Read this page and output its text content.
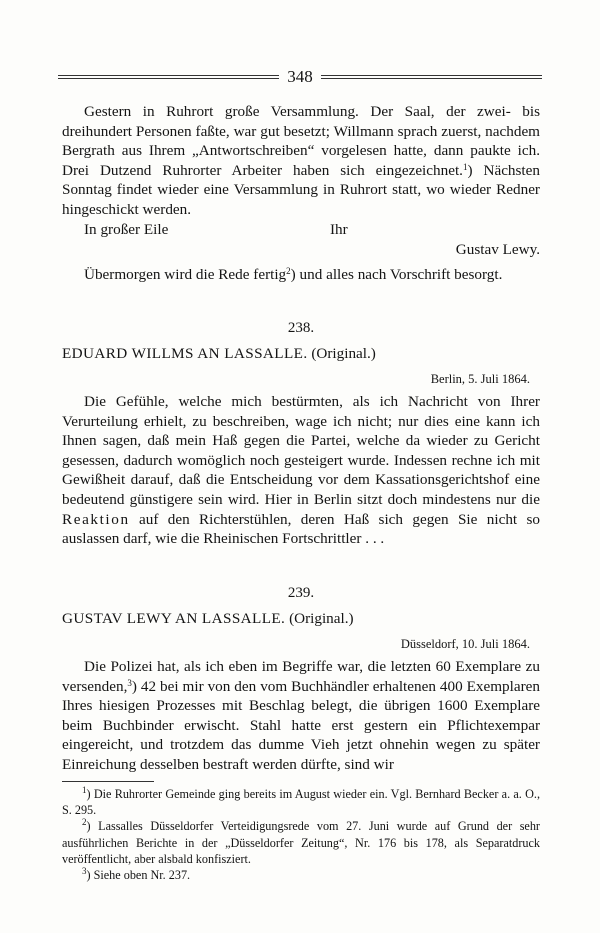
348

Gestern in Ruhrort große Versammlung. Der Saal, der zwei- bis dreihundert Personen faßte, war gut besetzt; Willmann sprach zuerst, nachdem Bergrath aus Ihrem „Antwortschreiben“ vorgelesen hatte, dann paukte ich. Drei Dutzend Ruhrorter Arbeiter haben sich eingezeichnet.$^1$) Nächsten Sonntag findet wieder eine Versammlung in Ruhrort statt, wo wieder Redner hingeschickt werden.

In großer Eile	Ihr
Gustav Lewy.

Übermorgen wird die Rede fertig$^2$) und alles nach Vorschrift besorgt.

238.
EDUARD WILLMS AN LASSALLE. (Original.)
Berlin, 5. Juli 1864.

Die Gefühle, welche mich bestürmten, als ich Nachricht von Ihrer Verurteilung erhielt, zu beschreiben, wage ich nicht; nur dies eine kann ich Ihnen sagen, daß mein Haß gegen die Partei, welche da wieder zu Gericht gesessen, dadurch womöglich noch gesteigert wurde. Indessen rechne ich mit Gewißheit darauf, daß die Entscheidung vor dem Kassationsgerichtshof eine bedeutend günstigere sein wird. Hier in Berlin sitzt doch mindestens nur die Reaktion auf den Richterstühlen, deren Haß sich gegen Sie nicht so auslassen darf, wie die Rheinischen Fortschrittler . . .

239.
GUSTAV LEWY AN LASSALLE. (Original.)
Düsseldorf, 10. Juli 1864.

Die Polizei hat, als ich eben im Begriffe war, die letzten 60 Exemplare zu versenden,$^3$) 42 bei mir von den vom Buchhändler erhaltenen 400 Exemplaren Ihres hiesigen Prozesses mit Beschlag belegt, die übrigen 1600 Exemplare beim Buchbinder erwischt. Stahl hatte erst gestern ein Pflichtexempar eingereicht, und trotzdem das dumme Vieh jetzt ohnehin wegen zu später Einreichung desselben bestraft werden dürfte, sind wir

$^1$) Die Ruhrorter Gemeinde ging bereits im August wieder ein. Vgl. Bernhard Becker a. a. O., S. 295.
$^2$) Lassalles Düsseldorfer Verteidigungsrede vom 27. Juni wurde auf Grund der sehr ausführlichen Berichte in der „Düsseldorfer Zeitung“, Nr. 176 bis 178, als Separatdruck veröffentlicht, aber alsbald konfisziert.
$^3$) Siehe oben Nr. 237.
